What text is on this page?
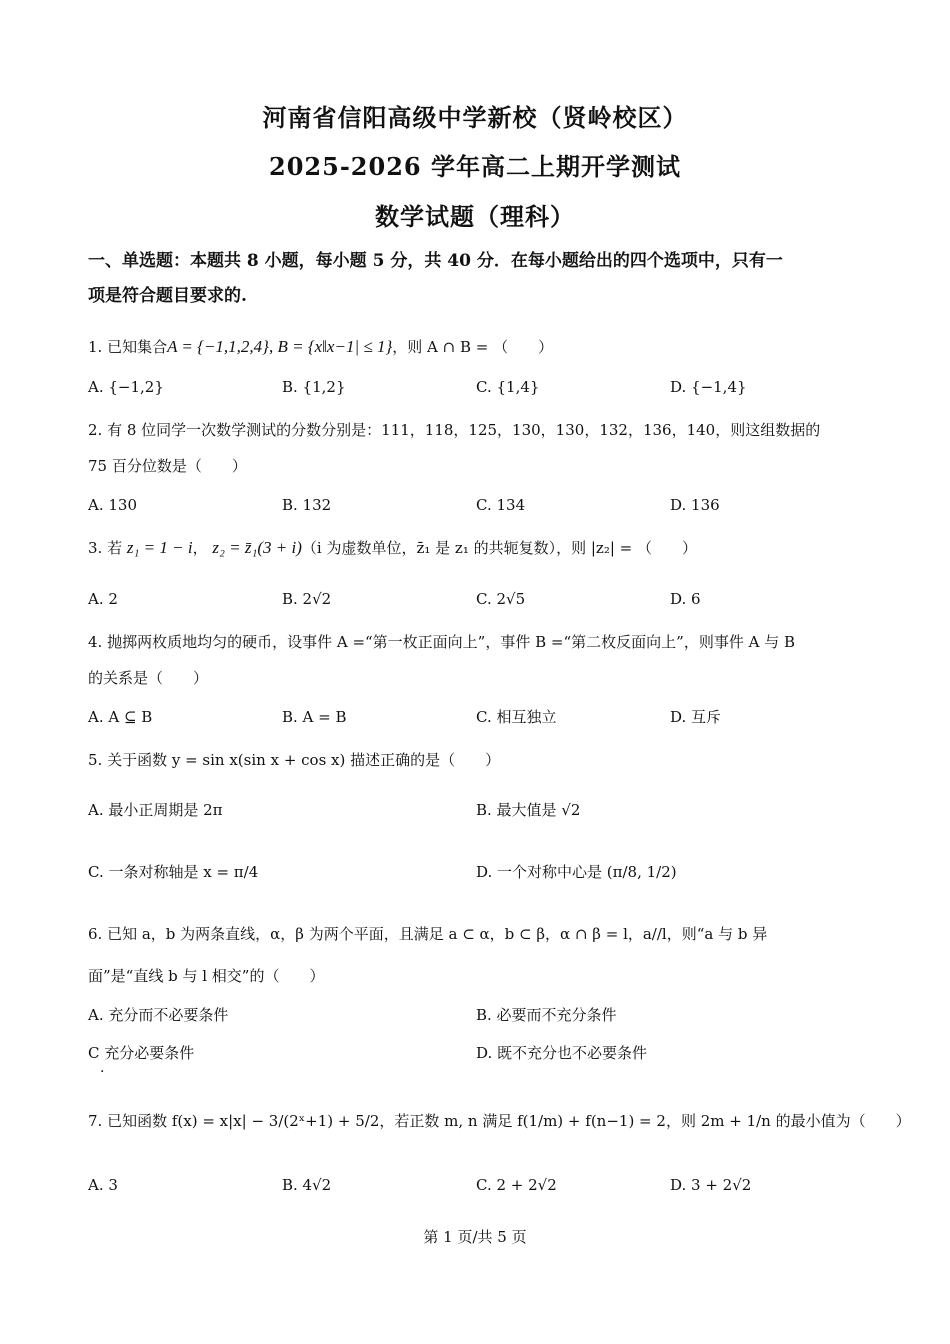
河南省信阳高级中学新校（贤岭校区）
2025-2026 学年高二上期开学测试
数学试题（理科）
一、单选题：本题共 8 小题，每小题 5 分，共 40 分．在每小题给出的四个选项中，只有一
项是符合题目要求的.
1. 已知集合A = {−1,1,2,4}, B = {x‖x−1| ≤ 1}，则 A ∩ B = （　　）
A. {−1,2}	B. {1,2}	C. {1,4}	D. {−1,4}
2. 有 8 位同学一次数学测试的分数分别是：111，118，125，130，130，132，136，140，则这组数据的
75 百分位数是（　　）
A. 130	B. 132	C. 134	D. 136
3. 若 z₁ = 1 − i， z₂ = z̄₁(3 + i)（i 为虚数单位，z̄₁ 是 z₁ 的共轭复数），则 |z₂| = （　　）
A. 2	B. 2√2	C. 2√5	D. 6
4. 抛掷两枚质地均匀的硬币，设事件 A =“第一枚正面向上”，事件 B =“第二枚反面向上”，则事件 A 与 B
的关系是（　　）
A. A ⊆ B	B. A = B	C. 相互独立	D. 互斥
5. 关于函数 y = sin x(sin x + cos x) 描述正确的是（　　）
A. 最小正周期是 2π	B. 最大值是 √2
C. 一条对称轴是 x = π/4	D. 一个对称中心是 (π/8, 1/2)
6. 已知 a，b 为两条直线，α，β 为两个平面，且满足 a ⊂ α，b ⊂ β，α ∩ β = l，a//l，则“a 与 b 异
面”是“直线 b 与 l 相交”的（　　）
A. 充分而不必要条件	B. 必要而不充分条件
C 充分必要条件	D. 既不充分也不必要条件
·
7. 已知函数 f(x) = x|x| − 3/(2ˣ+1) + 5/2，若正数 m, n 满足 f(1/m) + f(n−1) = 2，则 2m + 1/n 的最小值为（　　）
A. 3	B. 4√2	C. 2 + 2√2	D. 3 + 2√2
第 1 页/共 5 页
